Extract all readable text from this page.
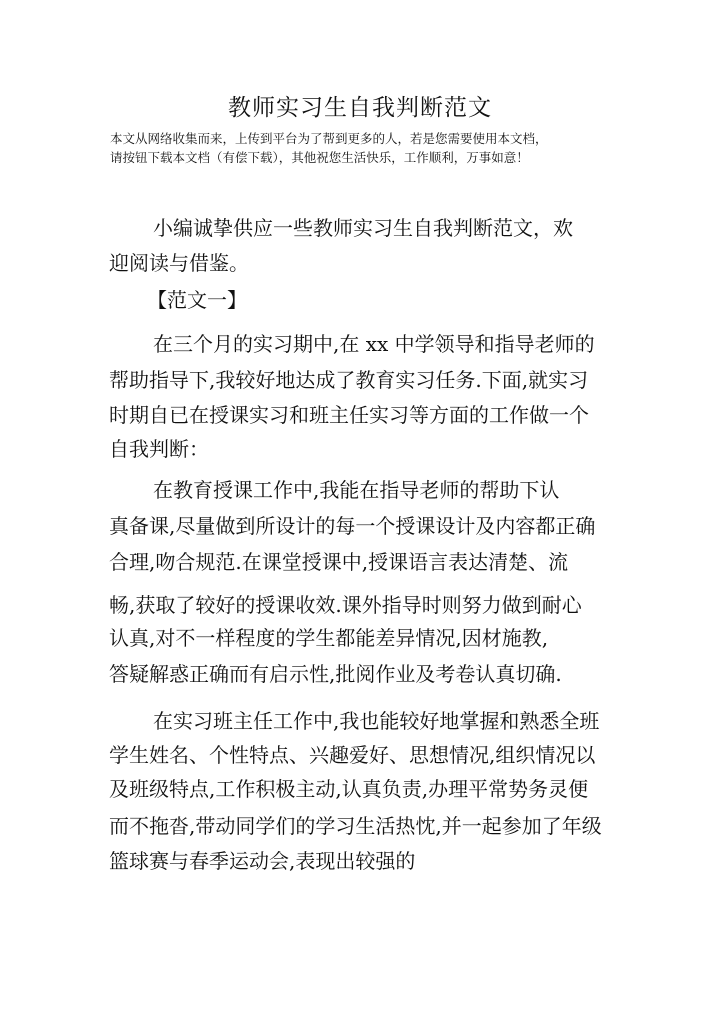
教师实习生自我判断范文
本文从网络收集而来，上传到平台为了帮到更多的人，若是您需要使用本文档，
请按钮下载本文档（有偿下载），其他祝您生活快乐，工作顺利，万事如意！
小编诚挚供应一些教师实习生自我判断范文，欢
迎阅读与借鉴。
【范文一】
在三个月的实习期中,在 xx 中学领导和指导老师的
帮助指导下,我较好地达成了教育实习任务.下面,就实习
时期自已在授课实习和班主任实习等方面的工作做一个
自我判断：
在教育授课工作中,我能在指导老师的帮助下认
真备课,尽量做到所设计的每一个授课设计及内容都正确
合理,吻合规范.在课堂授课中,授课语言表达清楚、流
畅,获取了较好的授课收效.课外指导时则努力做到耐心
认真,对不一样程度的学生都能差异情况,因材施教,
答疑解惑正确而有启示性,批阅作业及考卷认真切确.
在实习班主任工作中,我也能较好地掌握和熟悉全班
学生姓名、个性特点、兴趣爱好、思想情况,组织情况以
及班级特点,工作积极主动,认真负责,办理平常势务灵便
而不拖沓,带动同学们的学习生活热忱,并一起参加了年级
篮球赛与春季运动会,表现出较强的
